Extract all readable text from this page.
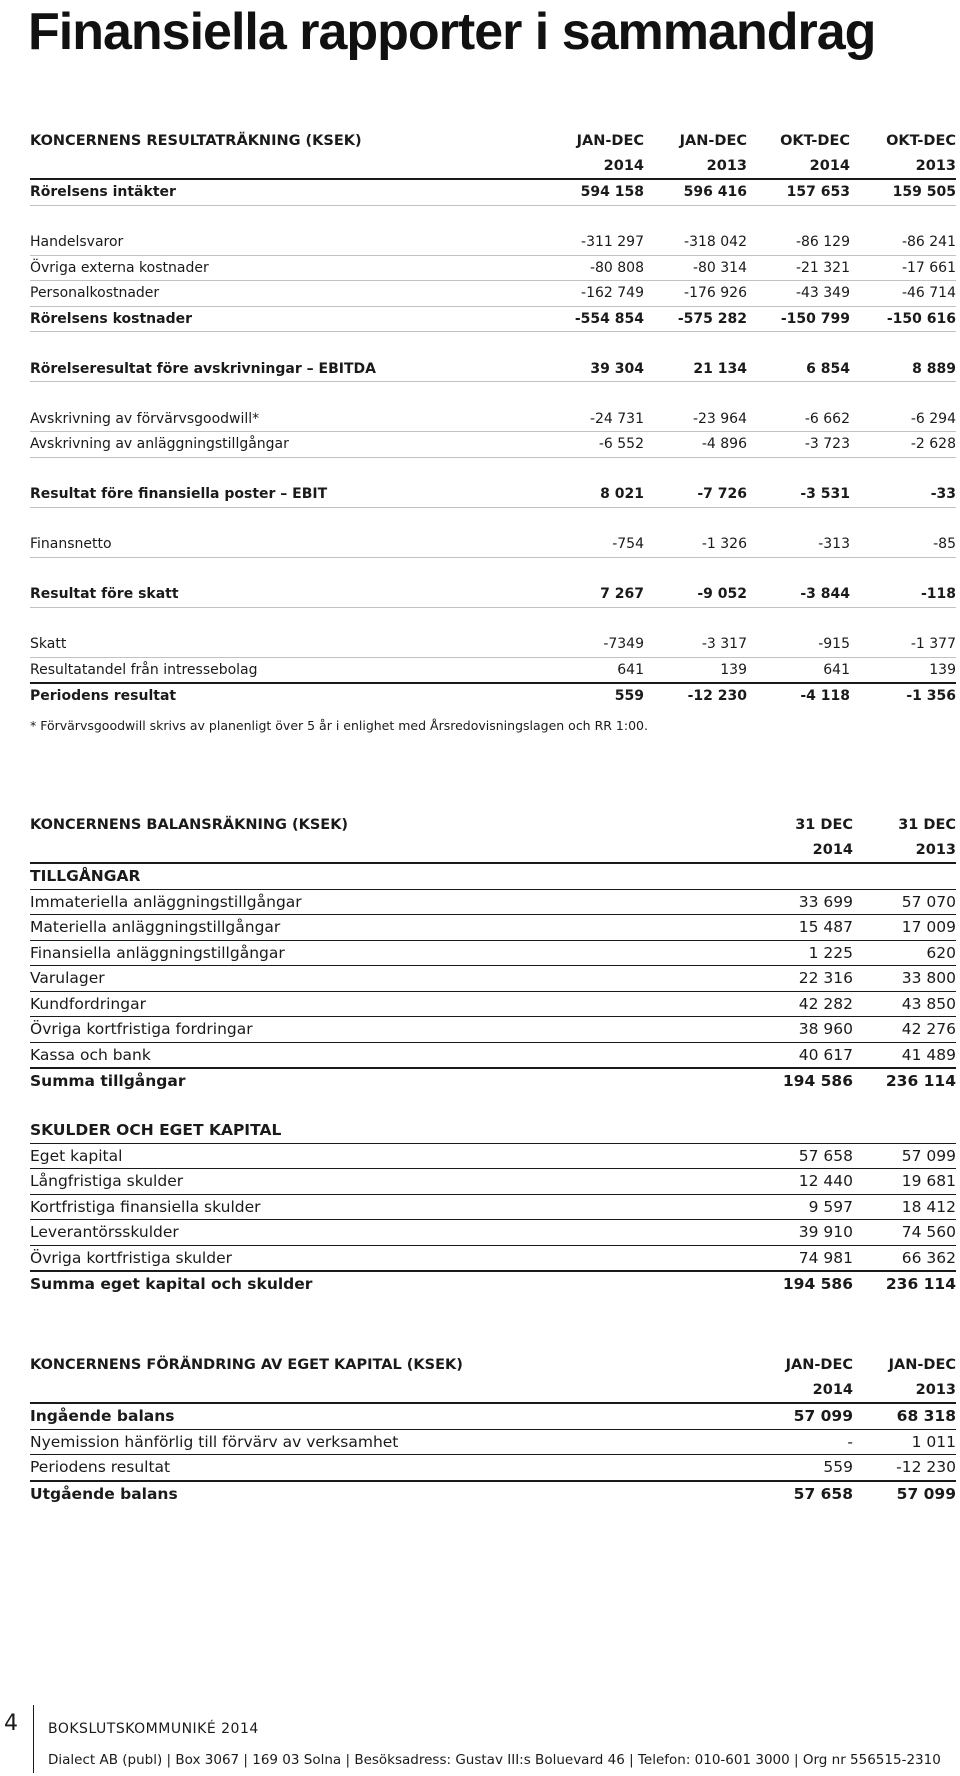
Finansiella rapporter i sammandrag
KONCERNENS RESULTATRÄKNING (KSEK)	JAN-DEC	JAN-DEC	OKT-DEC	OKT-DEC
	2014	2013	2014	2013
Rörelsens intäkter	594 158	596 416	157 653	159 505

Handelsvaror	-311 297	-318 042	-86 129	-86 241
Övriga externa kostnader	-80 808	-80 314	-21 321	-17 661
Personalkostnader	-162 749	-176 926	-43 349	-46 714
Rörelsens kostnader	-554 854	-575 282	-150 799	-150 616

Rörelseresultat före avskrivningar – EBITDA	39 304	21 134	6 854	8 889

Avskrivning av förvärvsgoodwill*	-24 731	-23 964	-6 662	-6 294
Avskrivning av anläggningstillgångar	-6 552	-4 896	-3 723	-2 628

Resultat före finansiella poster – EBIT	8 021	-7 726	-3 531	-33

Finansnetto	-754	-1 326	-313	-85

Resultat före skatt	7 267	-9 052	-3 844	-118

Skatt	-7349	-3 317	-915	-1 377
Resultatandel från intressebolag	641	139	641	139
Periodens resultat	559	-12 230	-4 118	-1 356
* Förvärvsgoodwill skrivs av planenligt över 5 år i enlighet med Årsredovisningslagen och RR 1:00.
KONCERNENS BALANSRÄKNING (KSEK)	31 DEC	31 DEC
	2014	2013
TILLGÅNGAR		
Immateriella anläggningstillgångar	33 699	57 070
Materiella anläggningstillgångar	15 487	17 009
Finansiella anläggningstillgångar	1 225	620
Varulager	22 316	33 800
Kundfordringar	42 282	43 850
Övriga kortfristiga fordringar	38 960	42 276
Kassa och bank	40 617	41 489
Summa tillgångar	194 586	236 114

SKULDER OCH EGET KAPITAL		
Eget kapital	57 658	57 099
Långfristiga skulder	12 440	19 681
Kortfristiga finansiella skulder	9 597	18 412
Leverantörsskulder	39 910	74 560
Övriga kortfristiga skulder	74 981	66 362
Summa eget kapital och skulder	194 586	236 114
KONCERNENS FÖRÄNDRING AV EGET KAPITAL (KSEK)	JAN-DEC	JAN-DEC
	2014	2013
Ingående balans	57 099	68 318
Nyemission hänförlig till förvärv av verksamhet	-	1 011
Periodens resultat	559	-12 230
Utgående balans	57 658	57 099
4 BOKSLUTSKOMMUNIKÉ 2014
Dialect AB (publ) | Box 3067 | 169 03 Solna | Besöksadress: Gustav III:s Boluevard 46 | Telefon: 010-601 3000 | Org nr 556515-2310
